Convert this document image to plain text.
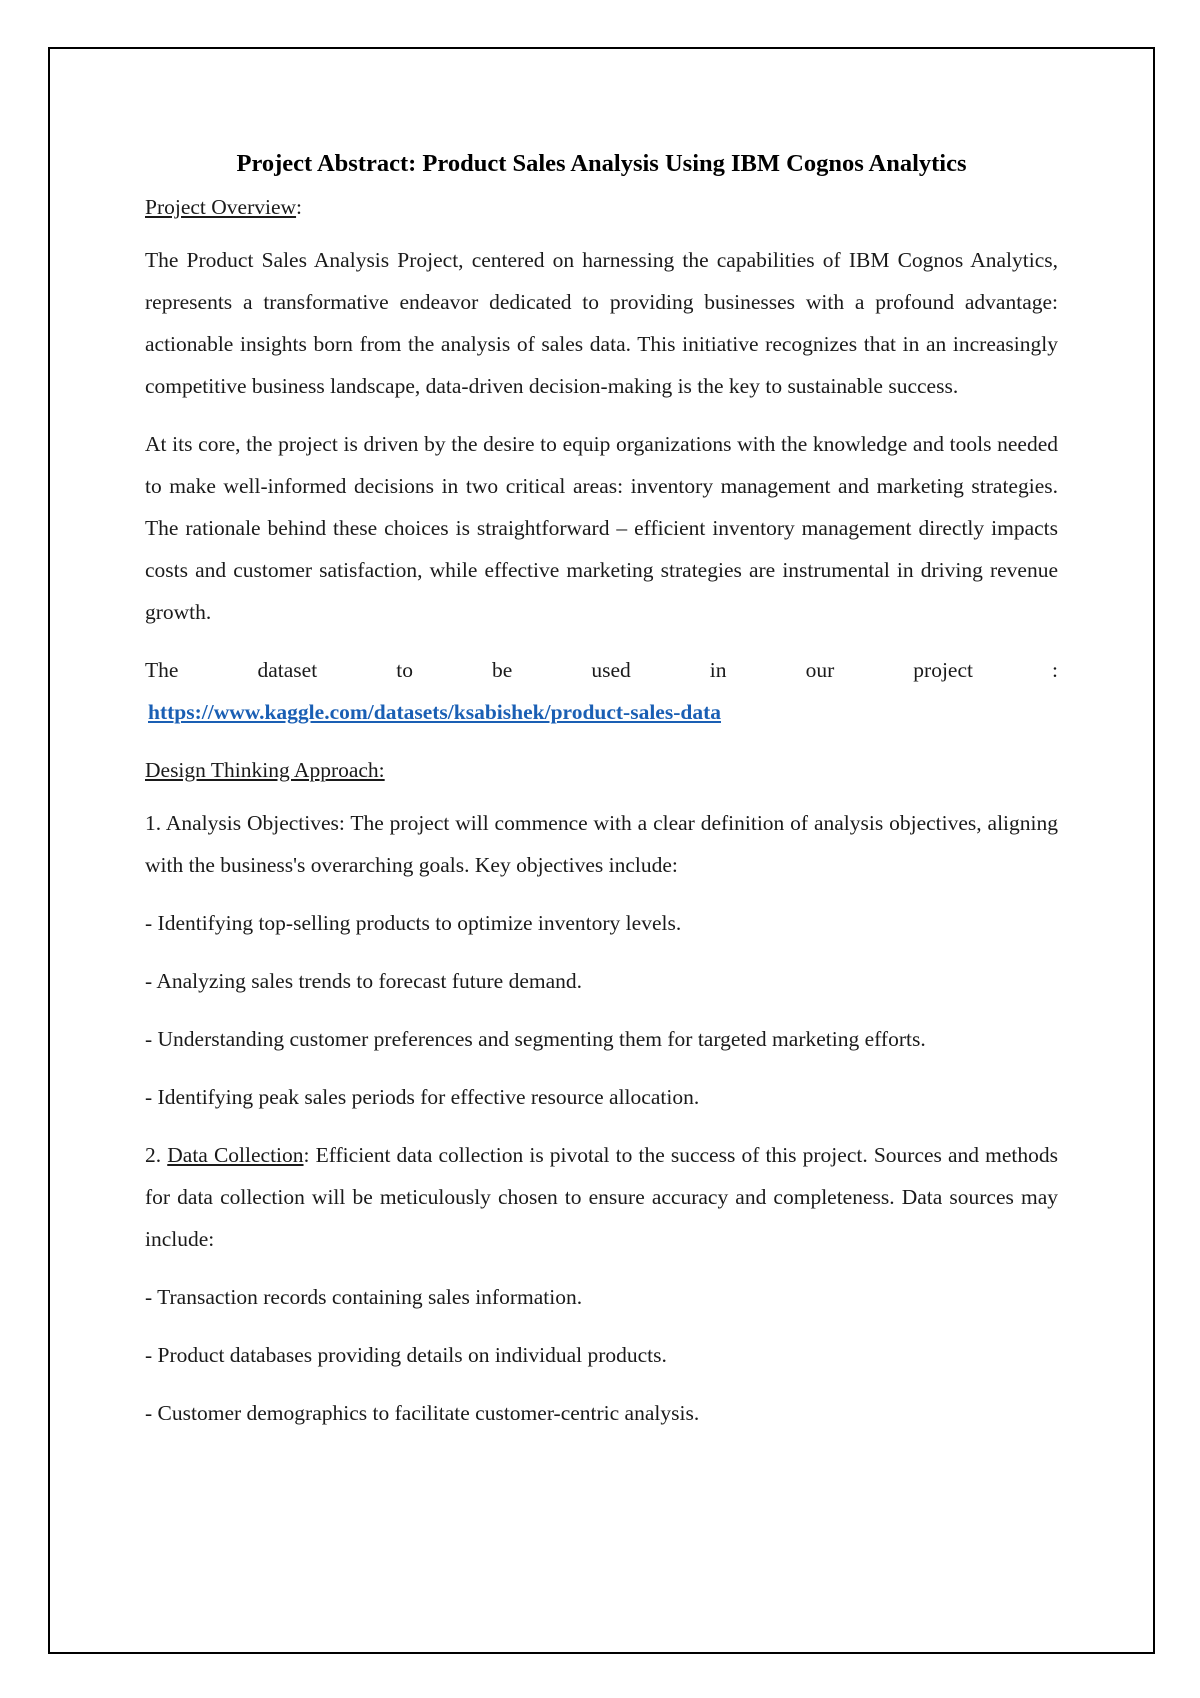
Project Abstract: Product Sales Analysis Using IBM Cognos Analytics
Project Overview:

The Product Sales Analysis Project, centered on harnessing the capabilities of IBM Cognos Analytics, represents a transformative endeavor dedicated to providing businesses with a profound advantage: actionable insights born from the analysis of sales data. This initiative recognizes that in an increasingly competitive business landscape, data-driven decision-making is the key to sustainable success.

At its core, the project is driven by the desire to equip organizations with the knowledge and tools needed to make well-informed decisions in two critical areas: inventory management and marketing strategies. The rationale behind these choices is straightforward – efficient inventory management directly impacts costs and customer satisfaction, while effective marketing strategies are instrumental in driving revenue growth.

The dataset to be used in our project :
https://www.kaggle.com/datasets/ksabishek/product-sales-data
Design Thinking Approach:

1. Analysis Objectives: The project will commence with a clear definition of analysis objectives, aligning with the business's overarching goals. Key objectives include:

- Identifying top-selling products to optimize inventory levels.

- Analyzing sales trends to forecast future demand.

- Understanding customer preferences and segmenting them for targeted marketing efforts.

- Identifying peak sales periods for effective resource allocation.

2. Data Collection: Efficient data collection is pivotal to the success of this project. Sources and methods for data collection will be meticulously chosen to ensure accuracy and completeness. Data sources may include:

- Transaction records containing sales information.

- Product databases providing details on individual products.

- Customer demographics to facilitate customer-centric analysis.
